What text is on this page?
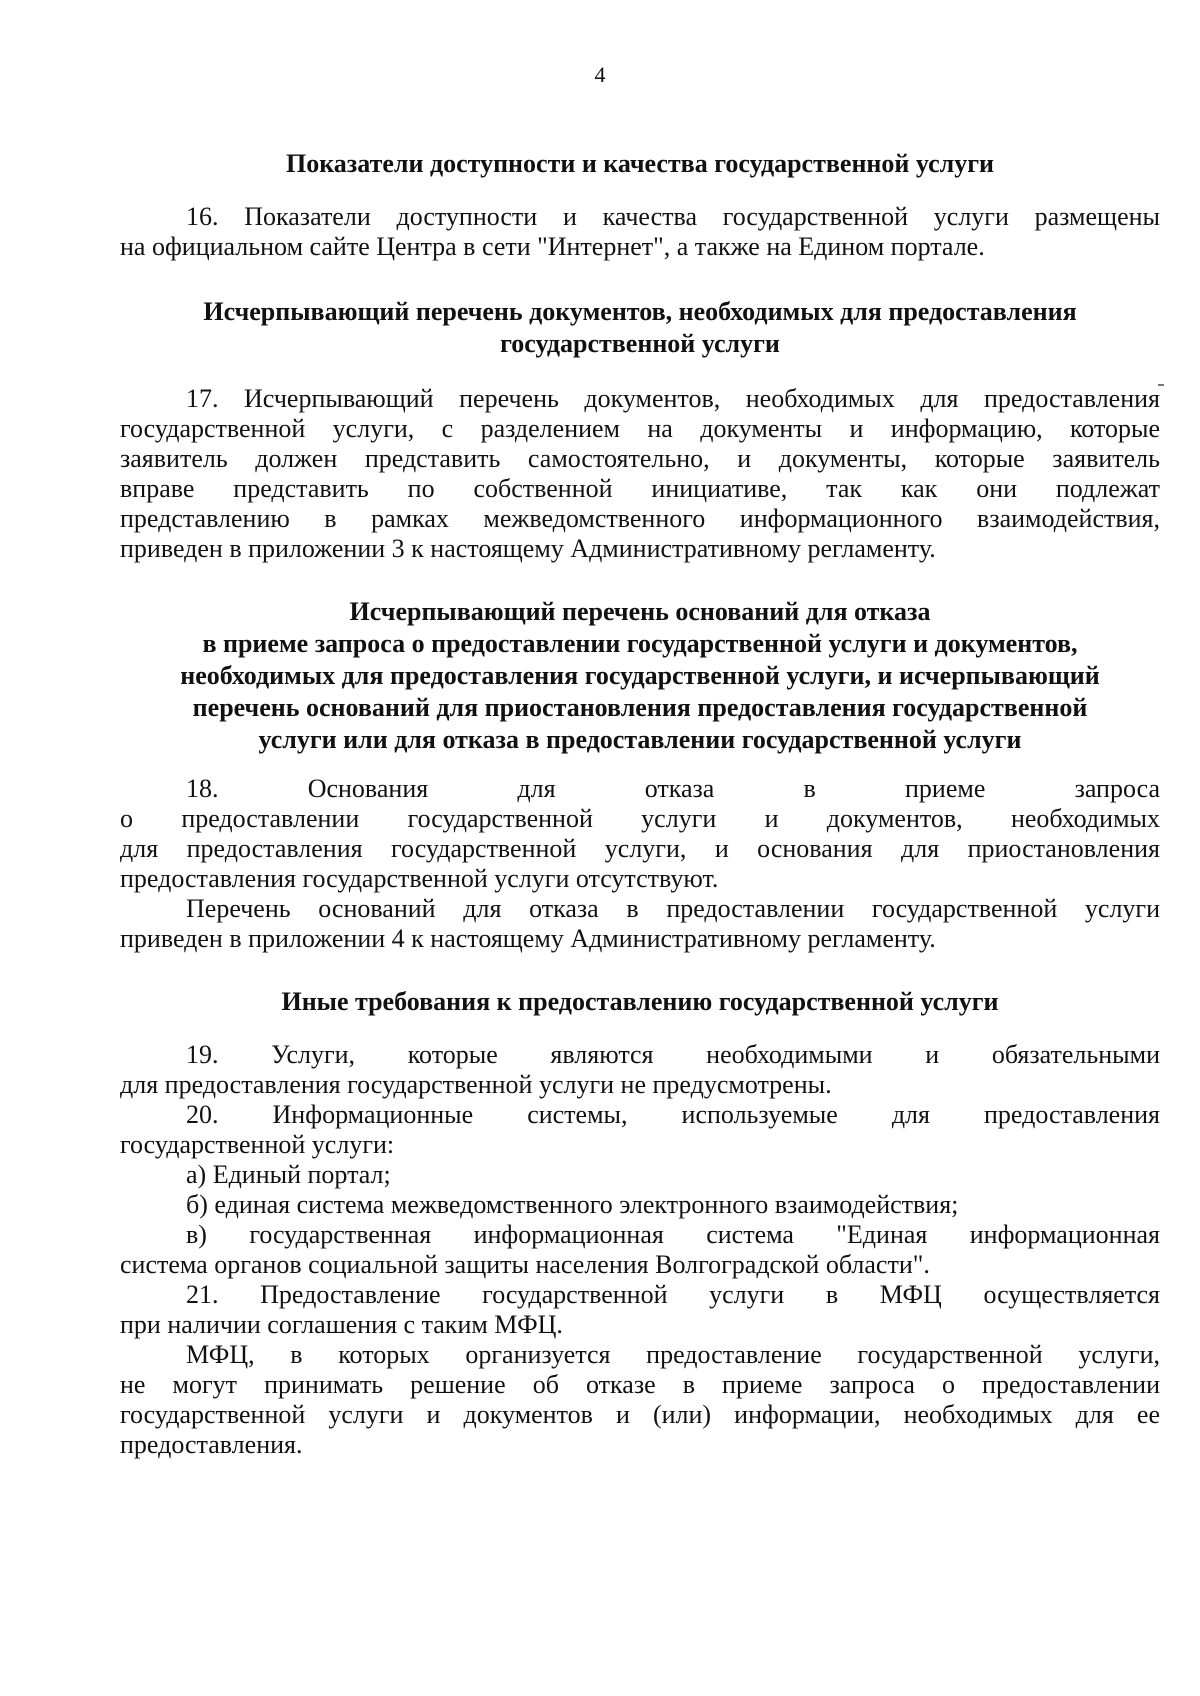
4
Показатели доступности и качества государственной услуги
16. Показатели доступности и качества государственной услуги размещены
на официальном сайте Центра в сети "Интернет", а также на Едином портале.
Исчерпывающий перечень документов, необходимых для предоставления
государственной услуги
17. Исчерпывающий перечень документов, необходимых для предоставления
государственной услуги, с разделением на документы и информацию, которые
заявитель должен представить самостоятельно, и документы, которые заявитель
вправе представить по собственной инициативе, так как они подлежат
представлению в рамках межведомственного информационного взаимодействия,
приведен в приложении 3 к настоящему Административному регламенту.
Исчерпывающий перечень оснований для отказа
в приеме запроса о предоставлении государственной услуги и документов,
необходимых для предоставления государственной услуги, и исчерпывающий
перечень оснований для приостановления предоставления государственной
услуги или для отказа в предоставлении государственной услуги
18. Основания для отказа в приеме запроса
о предоставлении государственной услуги и документов, необходимых
для предоставления государственной услуги, и основания для приостановления
предоставления государственной услуги отсутствуют.
Перечень оснований для отказа в предоставлении государственной услуги
приведен в приложении 4 к настоящему Административному регламенту.
Иные требования к предоставлению государственной услуги
19. Услуги, которые являются необходимыми и обязательными
для предоставления государственной услуги не предусмотрены.
20. Информационные системы, используемые для предоставления
государственной услуги:
а) Единый портал;
б) единая система межведомственного электронного взаимодействия;
в) государственная информационная система "Единая информационная
система органов социальной защиты населения Волгоградской области".
21. Предоставление государственной услуги в МФЦ осуществляется
при наличии соглашения с таким МФЦ.
МФЦ, в которых организуется предоставление государственной услуги,
не могут принимать решение об отказе в приеме запроса о предоставлении
государственной услуги и документов и (или) информации, необходимых для ее
предоставления.
